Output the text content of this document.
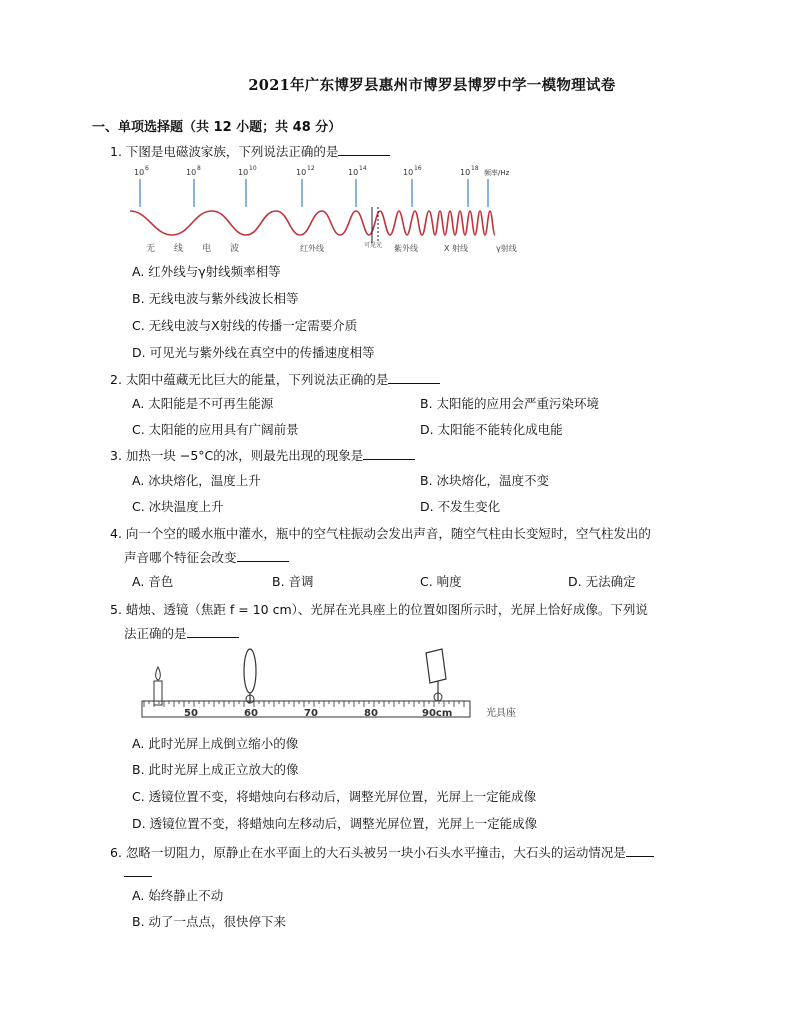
2021年广东博罗县惠州市博罗县博罗中学一模物理试卷
一、单项选择题（共 12 小题；共 48 分）
1. 下图是电磁波家族，下列说法正确的是
10 6	10 8	10 10	10 12	10 14	10 16	10 18
频率/Hz
无 线 电 波	红外线	可见光 紫外线	X 射线	γ射线
A. 红外线与γ射线频率相等
B. 无线电波与紫外线波长相等
C. 无线电波与X射线的传播一定需要介质
D. 可见光与紫外线在真空中的传播速度相等
2. 太阳中蕴藏无比巨大的能量，下列说法正确的是
A. 太阳能是不可再生能源	B. 太阳能的应用会严重污染环境
C. 太阳能的应用具有广阔前景	D. 太阳能不能转化成电能
3. 加热一块 −5°C的冰，则最先出现的现象是
A. 冰块熔化，温度上升	B. 冰块熔化，温度不变
C. 冰块温度上升	D. 不发生变化
4. 向一个空的暖水瓶中灌水，瓶中的空气柱振动会发出声音，随空气柱由长变短时，空气柱发出的
声音哪个特征会改变
A. 音色	B. 音调	C. 响度	D. 无法确定
5. 蜡烛、透镜（焦距 f = 10 cm）、光屏在光具座上的位置如图所示时，光屏上恰好成像。下列说
法正确的是
50	60	70	80	90cm	光具座
A. 此时光屏上成倒立缩小的像
B. 此时光屏上成正立放大的像
C. 透镜位置不变，将蜡烛向右移动后，调整光屏位置，光屏上一定能成像
D. 透镜位置不变，将蜡烛向左移动后，调整光屏位置，光屏上一定能成像
6. 忽略一切阻力，原静止在水平面上的大石头被另一块小石头水平撞击，大石头的运动情况是
A. 始终静止不动
B. 动了一点点，很快停下来
